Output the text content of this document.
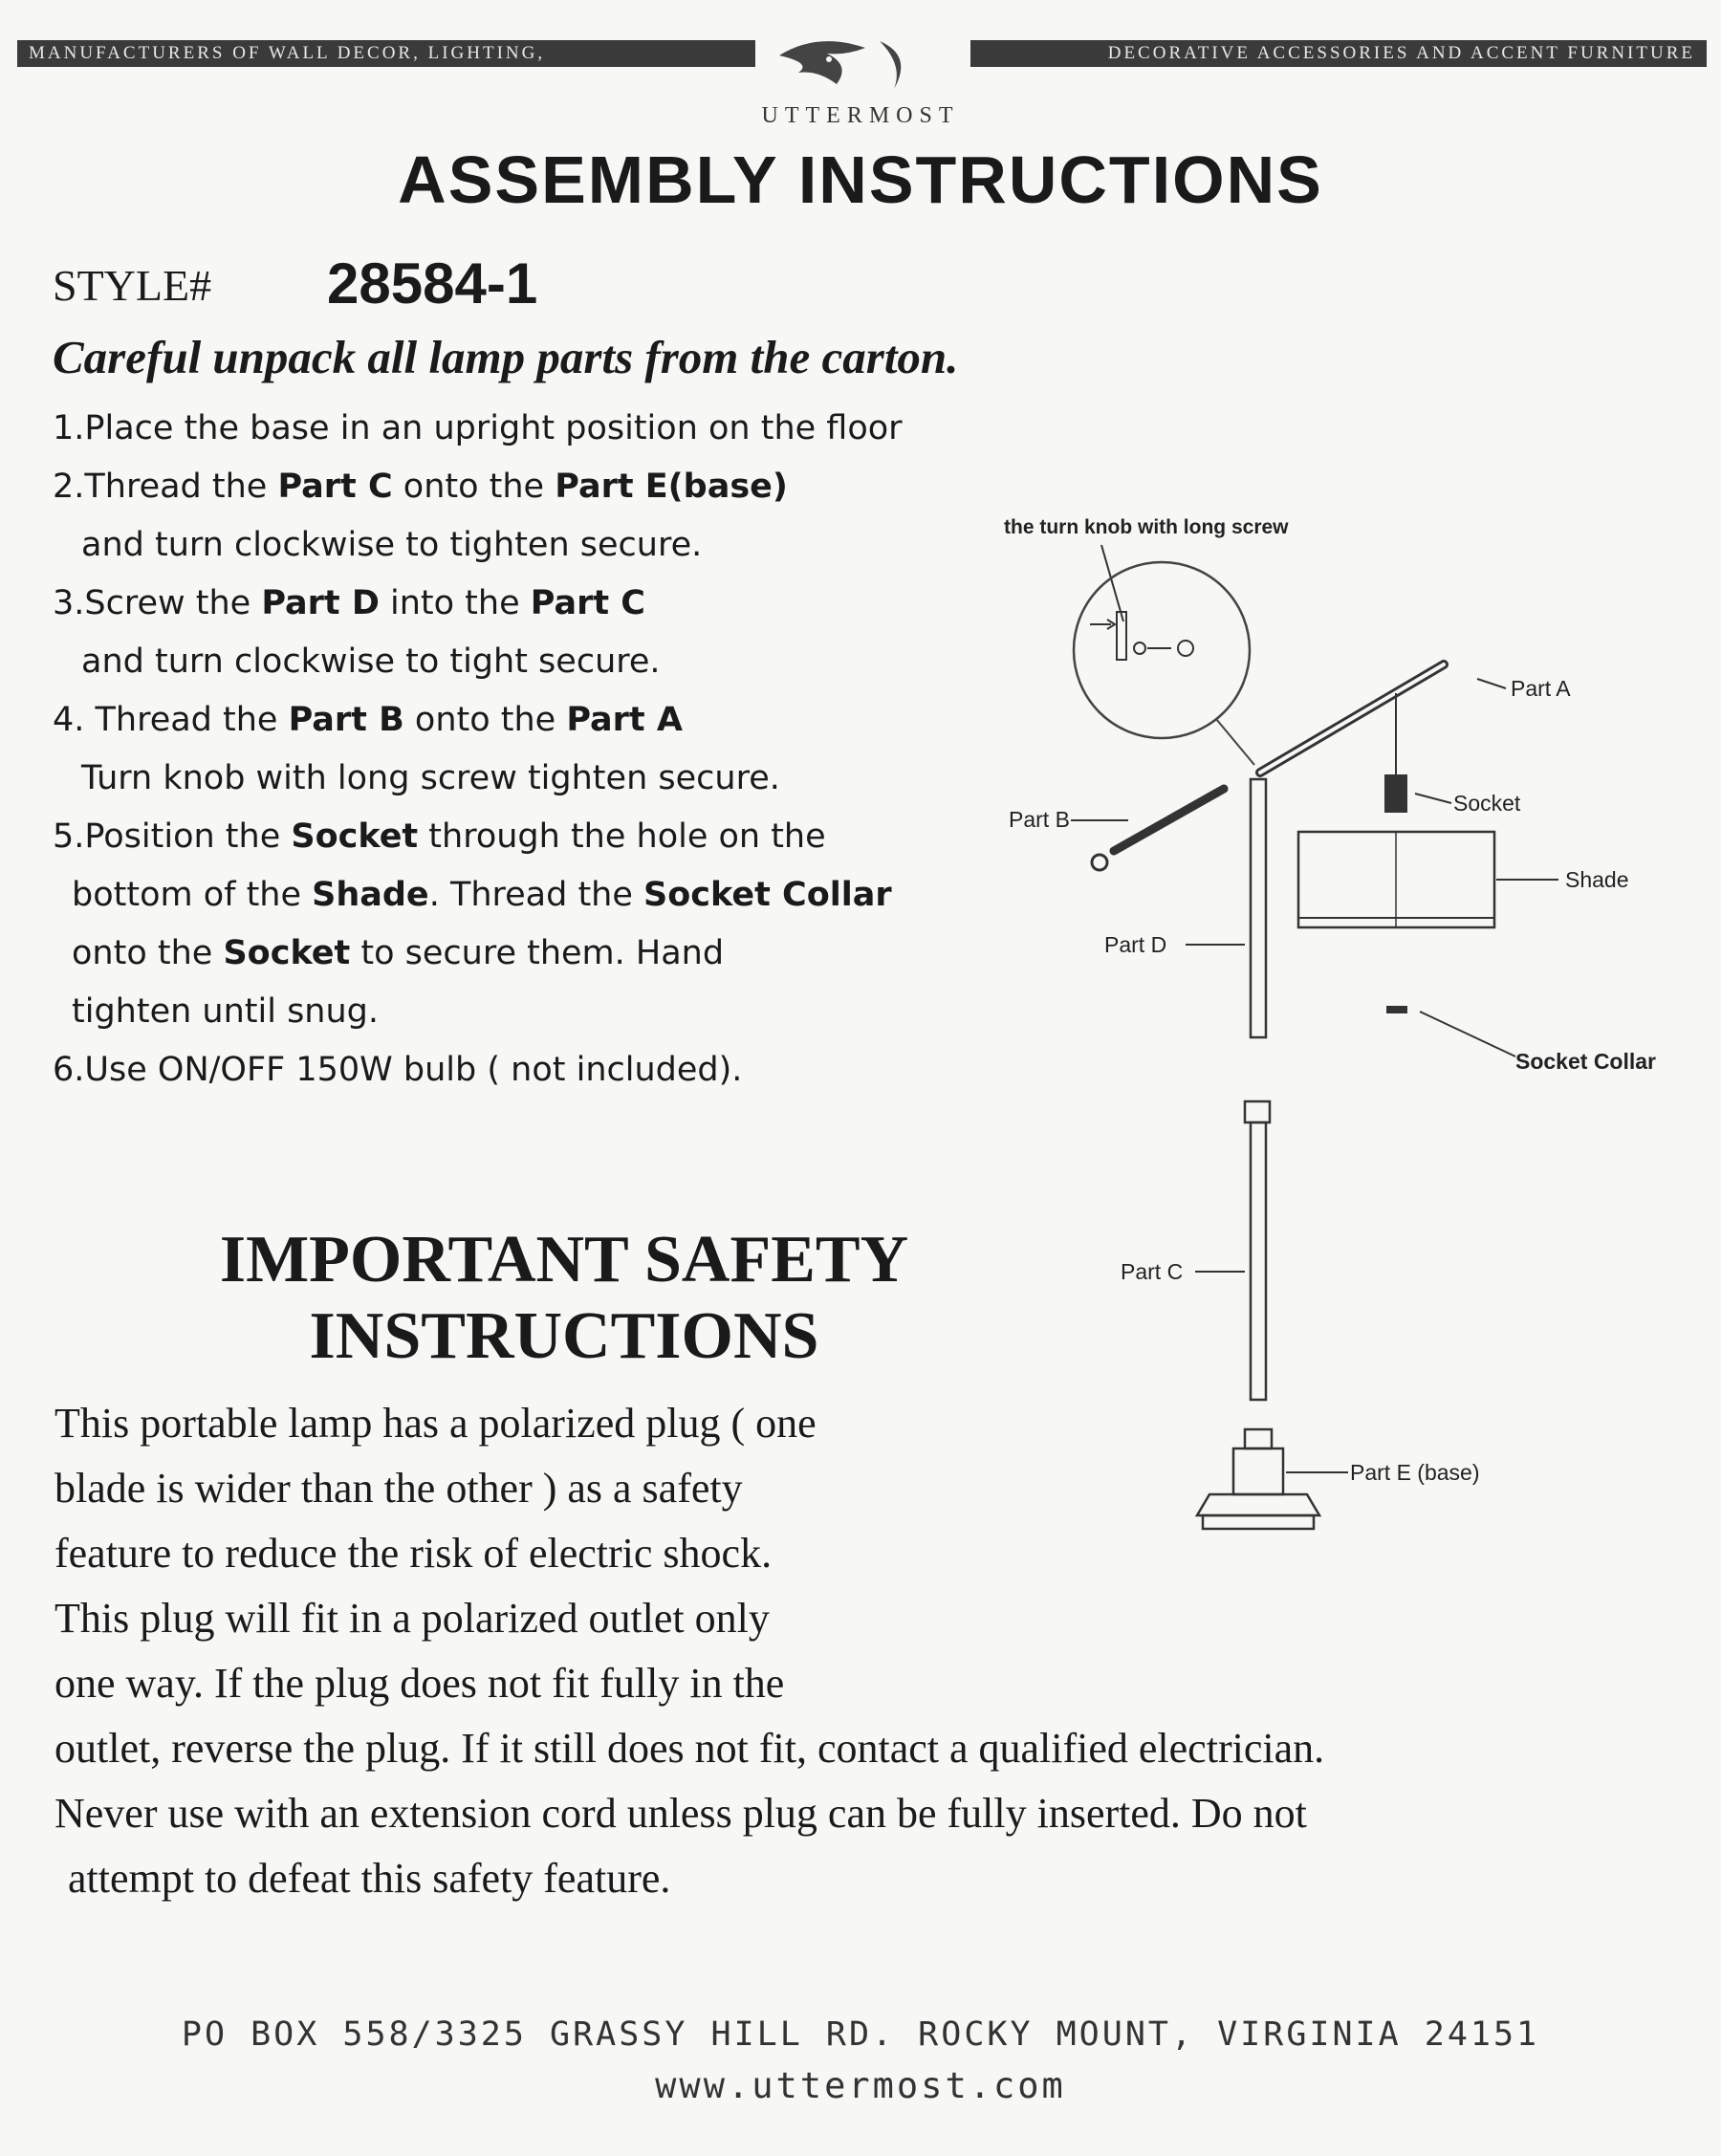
MANUFACTURERS OF WALL DECOR, LIGHTING,	DECORATIVE ACCESSORIES AND ACCENT FURNITURE
UTTERMOST
ASSEMBLY INSTRUCTIONS
STYLE# 28584-1
Careful unpack all lamp parts from the carton.
1.Place the base in an upright position on the floor
2.Thread the Part C onto the Part E(base)
and turn clockwise to tighten secure.
3.Screw the Part D into the Part C
and turn clockwise to tight secure.
4. Thread the Part B onto the Part A
Turn knob with long screw tighten secure.
5.Position the Socket through the hole on the
bottom of the Shade. Thread the Socket Collar
onto the Socket to secure them. Hand
tighten until snug.
6.Use ON/OFF 150W bulb ( not included).
the turn knob with long screw
Part A
Socket
Part B
Part D
Shade
Socket Collar
Part C
Part E (base)
IMPORTANT SAFETY
INSTRUCTIONS
This portable lamp has a polarized plug ( one
blade is wider than the other ) as a safety
feature to reduce the risk of electric shock.
This plug will fit in a polarized outlet only
one way. If the plug does not fit fully in the
outlet, reverse the plug. If it still does not fit, contact a qualified electrician.
Never use with an extension cord unless plug can be fully inserted. Do not
attempt to defeat this safety feature.
PO BOX 558/3325 GRASSY HILL RD. ROCKY MOUNT, VIRGINIA 24151
www.uttermost.com
